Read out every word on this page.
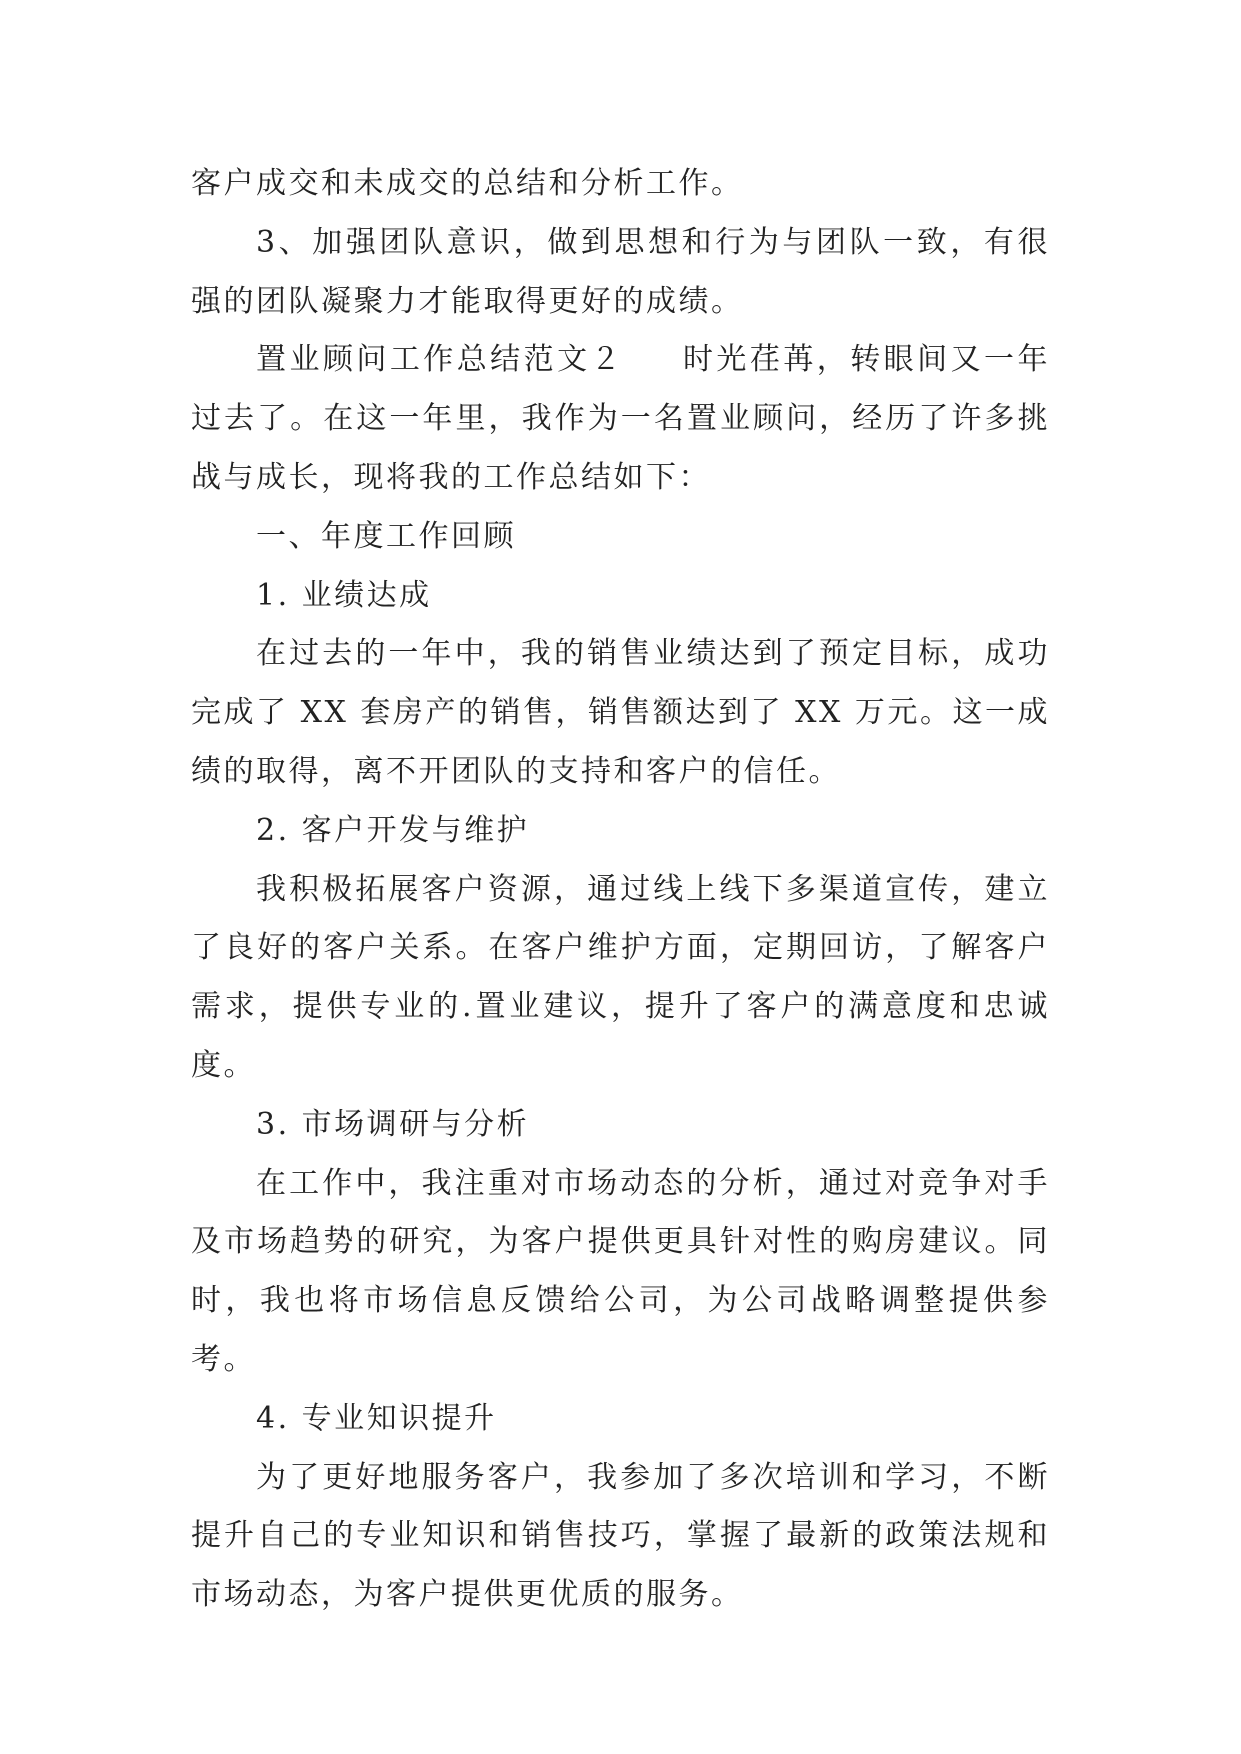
客户成交和未成交的总结和分析工作。

3、加强团队意识，做到思想和行为与团队一致，有很强的团队凝聚力才能取得更好的成绩。

置业顾问工作总结范文２ 时光荏苒，转眼间又一年过去了。在这一年里，我作为一名置业顾问，经历了许多挑战与成长，现将我的工作总结如下：

一、年度工作回顾

1. 业绩达成

在过去的一年中，我的销售业绩达到了预定目标，成功完成了 XX 套房产的销售，销售额达到了 XX 万元。这一成绩的取得，离不开团队的支持和客户的信任。

2. 客户开发与维护

我积极拓展客户资源，通过线上线下多渠道宣传，建立了良好的客户关系。在客户维护方面，定期回访，了解客户需求，提供专业的.置业建议，提升了客户的满意度和忠诚度。

3. 市场调研与分析

在工作中，我注重对市场动态的分析，通过对竞争对手及市场趋势的研究，为客户提供更具针对性的购房建议。同时，我也将市场信息反馈给公司，为公司战略调整提供参考。

4. 专业知识提升

为了更好地服务客户，我参加了多次培训和学习，不断提升自己的专业知识和销售技巧，掌握了最新的政策法规和市场动态，为客户提供更优质的服务。
